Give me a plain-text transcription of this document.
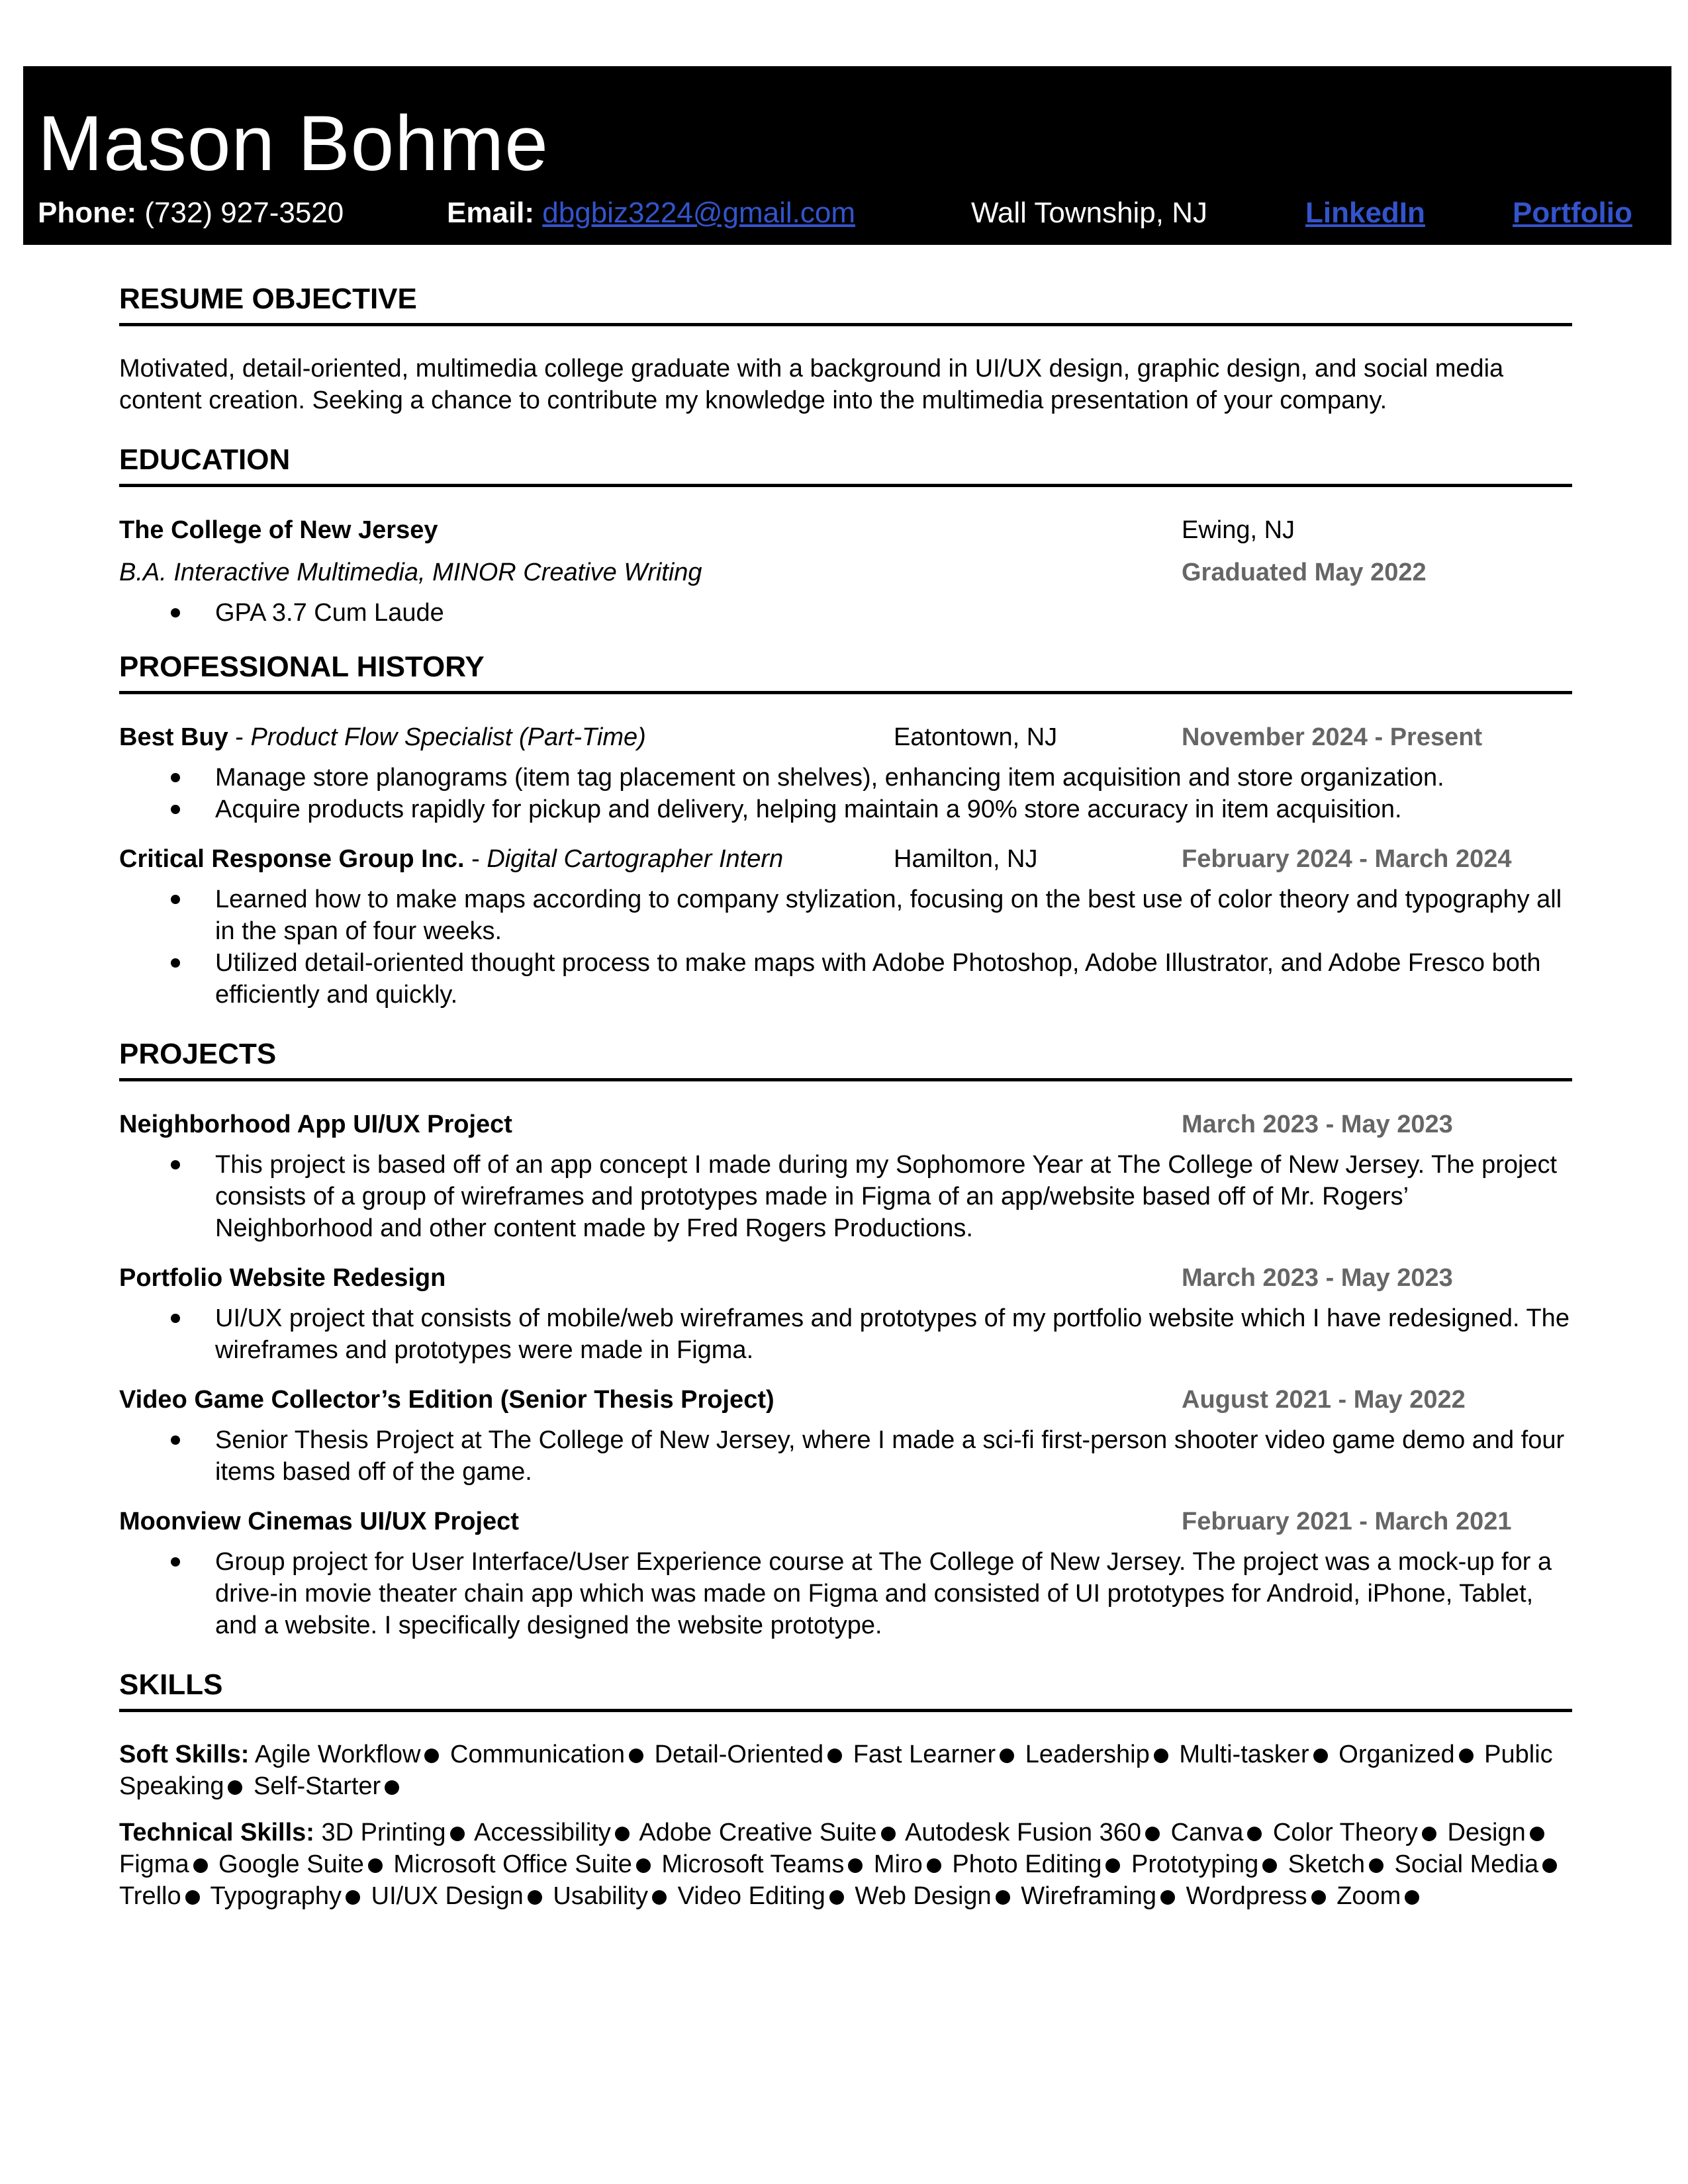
Mason Bohme
Phone: (732) 927-3520	Email: dbgbiz3224@gmail.com	Wall Township, NJ	LinkedIn	Portfolio
RESUME OBJECTIVE
Motivated, detail-oriented, multimedia college graduate with a background in UI/UX design, graphic design, and social media content creation. Seeking a chance to contribute my knowledge into the multimedia presentation of your company.
EDUCATION
The College of New Jersey	Ewing, NJ
B.A. Interactive Multimedia, MINOR Creative Writing	Graduated May 2022
GPA 3.7 Cum Laude
PROFESSIONAL HISTORY
Best Buy - Product Flow Specialist (Part-Time)	Eatontown, NJ	November 2024 - Present
Manage store planograms (item tag placement on shelves), enhancing item acquisition and store organization.
Acquire products rapidly for pickup and delivery, helping maintain a 90% store accuracy in item acquisition.
Critical Response Group Inc. - Digital Cartographer Intern	Hamilton, NJ	February 2024 - March 2024
Learned how to make maps according to company stylization, focusing on the best use of color theory and typography all in the span of four weeks.
Utilized detail-oriented thought process to make maps with Adobe Photoshop, Adobe Illustrator, and Adobe Fresco both efficiently and quickly.
PROJECTS
Neighborhood App UI/UX Project	March 2023 - May 2023
This project is based off of an app concept I made during my Sophomore Year at The College of New Jersey. The project consists of a group of wireframes and prototypes made in Figma of an app/website based off of Mr. Rogers’ Neighborhood and other content made by Fred Rogers Productions.
Portfolio Website Redesign	March 2023 - May 2023
UI/UX project that consists of mobile/web wireframes and prototypes of my portfolio website which I have redesigned. The wireframes and prototypes were made in Figma.
Video Game Collector’s Edition (Senior Thesis Project)	August 2021 - May 2022
Senior Thesis Project at The College of New Jersey, where I made a sci-fi first-person shooter video game demo and four items based off of the game.
Moonview Cinemas UI/UX Project	February 2021 - March 2021
Group project for User Interface/User Experience course at The College of New Jersey. The project was a mock-up for a drive-in movie theater chain app which was made on Figma and consisted of UI prototypes for Android, iPhone, Tablet, and a website. I specifically designed the website prototype.
SKILLS
Soft Skills: Agile Workflow Communication Detail-Oriented Fast Learner Leadership Multi-tasker Organized Public Speaking Self-Starter
Technical Skills: 3D Printing Accessibility Adobe Creative Suite Autodesk Fusion 360 Canva Color Theory Design Figma Google Suite Microsoft Office Suite Microsoft Teams Miro Photo Editing Prototyping Sketch Social Media Trello Typography UI/UX Design Usability Video Editing Web Design Wireframing Wordpress Zoom
